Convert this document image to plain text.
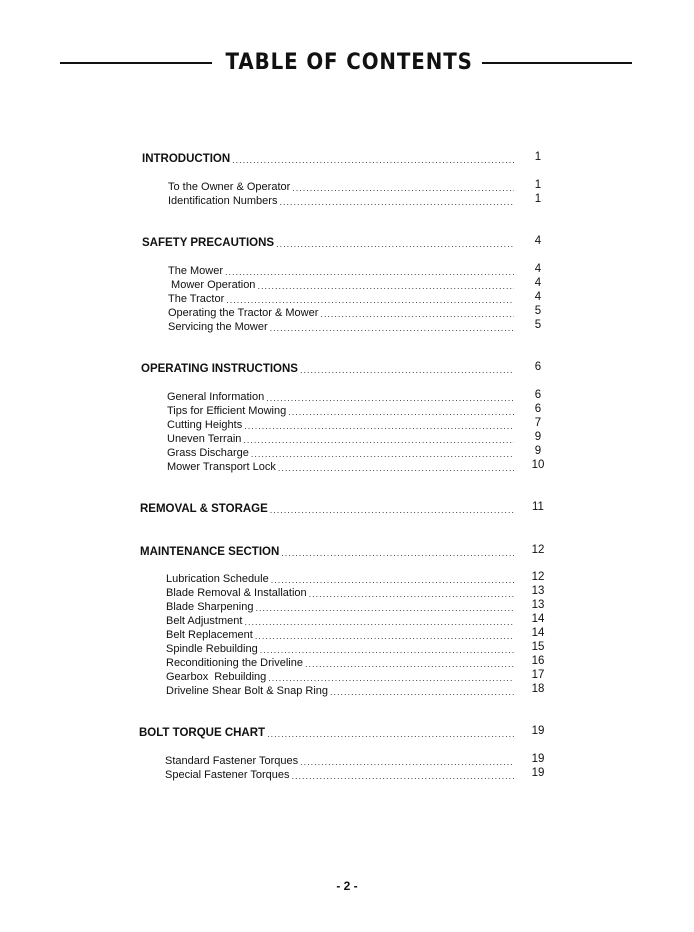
TABLE OF CONTENTS
INTRODUCTION .....	1
To the Owner & Operator .....	1
Identification Numbers .....	1
SAFETY PRECAUTIONS .....	4
The Mower .....	4
Mower Operation .....	4
The Tractor .....	4
Operating the Tractor & Mower .....	5
Servicing the Mower .....	5
OPERATING INSTRUCTIONS .....	6
General Information .....	6
Tips for Efficient Mowing .....	6
Cutting Heights .....	7
Uneven Terrain .....	9
Grass Discharge .....	9
Mower Transport Lock .....	10
REMOVAL & STORAGE .....	11
MAINTENANCE SECTION .....	12
Lubrication Schedule .....	12
Blade Removal & Installation .....	13
Blade Sharpening .....	13
Belt Adjustment .....	14
Belt Replacement .....	14
Spindle Rebuilding .....	15
Reconditioning the Driveline .....	16
Gearbox  Rebuilding .....	17
Driveline Shear Bolt & Snap Ring .....	18
BOLT TORQUE CHART .....	19
Standard Fastener Torques .....	19
Special Fastener Torques .....	19
- 2 -
